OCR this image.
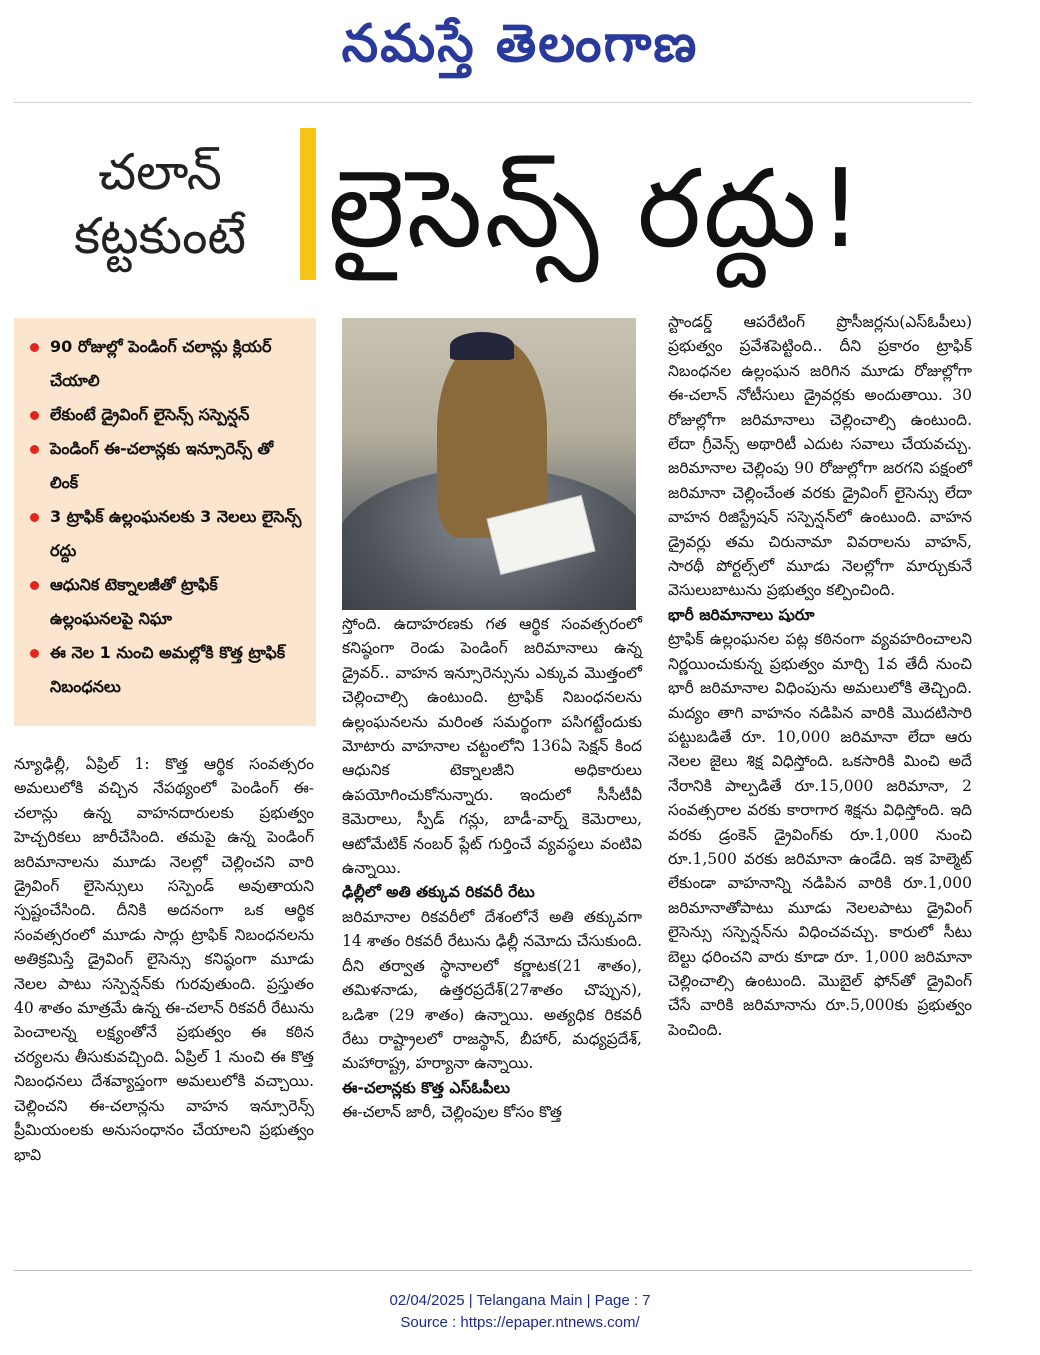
నమస్తే తెలంగాణ
చలాన్
కట్టకుంటే లైసెన్స్ రద్దు!
90 రోజుల్లో పెండింగ్ చలాన్లు క్లియర్ చేయాలి
లేకుంటే డ్రైవింగ్ లైసెన్స్ సస్పెన్షన్
పెండింగ్ ఈ-చలాన్లకు ఇన్సూరెన్స్ తో లింక్
3 ట్రాఫిక్ ఉల్లంఘనలకు 3 నెలలు లైసెన్స్ రద్దు
ఆధునిక టెక్నాలజీతో ట్రాఫిక్ ఉల్లంఘనలపై నిఘా
ఈ నెల 1 నుంచి అమల్లోకి కొత్త ట్రాఫిక్ నిబంధనలు

న్యూఢిల్లీ, ఏప్రిల్ 1: కొత్త ఆర్థిక సంవత్సరం అమలులోకి వచ్చిన నేపథ్యంలో పెండింగ్ ఈ-చలాన్లు ఉన్న వాహనదారులకు ప్రభుత్వం హెచ్చరికలు జారీచేసింది. తమపై ఉన్న పెండింగ్ జరిమానాలను మూడు నెలల్లో చెల్లించని వారి డ్రైవింగ్ లైసెన్సులు సస్పెండ్ అవుతాయని స్పష్టంచేసింది. దీనికి అదనంగా ఒక ఆర్థిక సంవత్సరంలో మూడు సార్లు ట్రాఫిక్ నిబంధనలను అతిక్రమిస్తే డ్రైవింగ్ లైసెన్సు కనిష్ఠంగా మూడు నెలల పాటు సస్పెన్షన్‌కు గురవుతుంది. ప్రస్తుతం 40 శాతం మాత్రమే ఉన్న ఈ-చలాన్ రికవరీ రేటును పెంచాలన్న లక్ష్యంతోనే ప్రభుత్వం ఈ కఠిన చర్యలను తీసుకువచ్చింది. ఏప్రిల్ 1 నుంచి ఈ కొత్త నిబంధనలు దేశవ్యాప్తంగా అమలులోకి వచ్చాయి. చెల్లించని ఈ-చలాన్లను వాహన ఇన్సూరెన్స్ ప్రీమియంలకు అనుసంధానం చేయాలని ప్రభుత్వం భావి

స్తోంది. ఉదాహరణకు గత ఆర్థిక సంవత్సరంలో కనిష్ఠంగా రెండు పెండింగ్ జరిమానాలు ఉన్న డ్రైవర్.. వాహన ఇన్సూరెన్సును ఎక్కువ మొత్తంలో చెల్లించాల్సి ఉంటుంది. ట్రాఫిక్ నిబంధనలను ఉల్లంఘనలను మరింత సమర్థంగా పసిగట్టేందుకు మోటారు వాహనాల చట్టంలోని 136ఏ సెక్షన్ కింద ఆధునిక టెక్నాలజీని అధికారులు ఉపయోగించుకోనున్నారు. ఇందులో సీసీటీవీ కెమెరాలు, స్పీడ్ గన్లు, బాడీ-వార్న్ కెమెరాలు, ఆటోమేటిక్ నంబర్ ప్లేట్ గుర్తించే వ్యవస్థలు వంటివి ఉన్నాయి.

ఢిల్లీలో అతి తక్కువ రికవరీ రేటు

జరిమానాల రికవరీలో దేశంలోనే అతి తక్కువగా 14 శాతం రికవరీ రేటును ఢిల్లీ నమోదు చేసుకుంది. దీని తర్వాత స్థానాలలో కర్ణాటక(21 శాతం), తమిళనాడు, ఉత్తరప్రదేశ్(27శాతం చొప్పున), ఒడిశా (29 శాతం) ఉన్నాయి. అత్యధిక రికవరీ రేటు రాష్ట్రాలలో రాజస్థాన్, బీహార్, మధ్యప్రదేశ్, మహారాష్ట్ర, హర్యానా ఉన్నాయి.

ఈ-చలాన్లకు కొత్త ఎస్‌ఓపీలు

ఈ-చలాన్ జారీ, చెల్లింపుల కోసం కొత్త

స్టాండర్డ్ ఆపరేటింగ్ ప్రొసీజర్లను(ఎస్‌ఓపీలు) ప్రభుత్వం ప్రవేశపెట్టింది.. దీని ప్రకారం ట్రాఫిక్ నిబంధనల ఉల్లంఘన జరిగిన మూడు రోజుల్లోగా ఈ-చలాన్ నోటీసులు డ్రైవర్లకు అందుతాయి. 30 రోజుల్లోగా జరిమానాలు చెల్లించాల్సి ఉంటుంది. లేదా గ్రీవెన్స్ అథారిటీ ఎదుట సవాలు చేయవచ్చు. జరిమానాల చెల్లింపు 90 రోజుల్లోగా జరగని పక్షంలో జరిమానా చెల్లించేంత వరకు డ్రైవింగ్ లైసెన్సు లేదా వాహన రిజిస్ట్రేషన్ సస్పెన్షన్‌లో ఉంటుంది. వాహన డ్రైవర్లు తమ చిరునామా వివరాలను వాహన్, సారథీ పోర్టల్స్‌లో మూడు నెలల్లోగా మార్చుకునే వెసులుబాటును ప్రభుత్వం కల్పించింది.

భారీ జరిమానాలు షురూ

ట్రాఫిక్ ఉల్లంఘనల పట్ల కఠినంగా వ్యవహరించాలని నిర్ణయించుకున్న ప్రభుత్వం మార్చి 1వ తేదీ నుంచి భారీ జరిమానాల విధింపును అమలులోకి తెచ్చింది. మద్యం తాగి వాహనం నడిపిన వారికి మొదటిసారి పట్టుబడితే రూ. 10,000 జరిమానా లేదా ఆరు నెలల జైలు శిక్ష విధిస్తోంది. ఒకసారికి మించి అదే నేరానికి పాల్పడితే రూ.15,000 జరిమానా, 2 సంవత్సరాల వరకు కారాగార శిక్షను విధిస్తోంది. ఇది వరకు డ్రంకెన్ డ్రైవింగ్‌కు రూ.1,000 నుంచి రూ.1,500 వరకు జరిమానా ఉండేది. ఇక హెల్మెట్ లేకుండా వాహనాన్ని నడిపిన వారికి రూ.1,000 జరిమానాతోపాటు మూడు నెలలపాటు డ్రైవింగ్ లైసెన్సు సస్పెన్షన్‌ను విధించవచ్చు. కారులో సీటు బెల్టు ధరించని వారు కూడా రూ. 1,000 జరిమానా చెల్లించాల్సి ఉంటుంది. మొబైల్ ఫోన్‌తో డ్రైవింగ్ చేసే వారికి జరిమానాను రూ.5,000కు ప్రభుత్వం పెంచింది.

02/04/2025 | Telangana Main | Page : 7
Source : https://epaper.ntnews.com/
